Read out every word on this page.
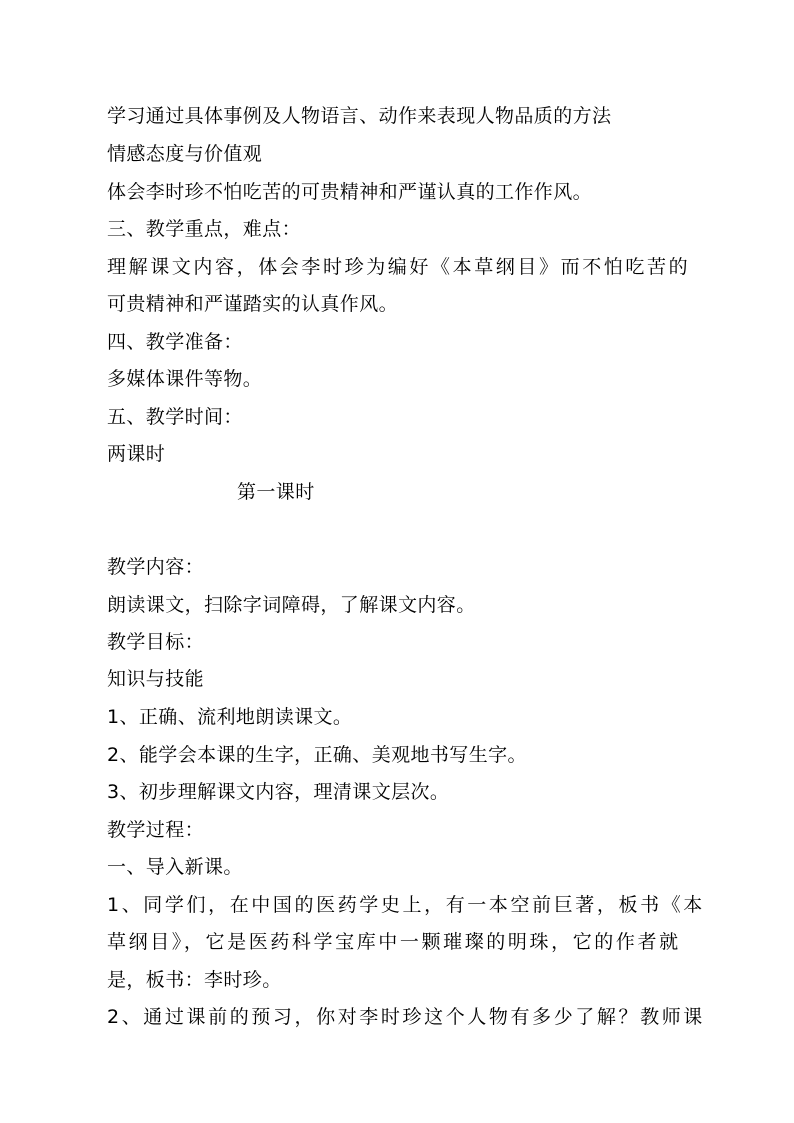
学习通过具体事例及人物语言、动作来表现人物品质的方法
情感态度与价值观
体会李时珍不怕吃苦的可贵精神和严谨认真的工作作风。
三、教学重点，难点：
理解课文内容，体会李时珍为编好《本草纲目》而不怕吃苦的
可贵精神和严谨踏实的认真作风。
四、教学准备：
多媒体课件等物。
五、教学时间：
两课时
第一课时
教学内容：
朗读课文，扫除字词障碍，了解课文内容。
教学目标：
知识与技能
1、正确、流利地朗读课文。
2、能学会本课的生字，正确、美观地书写生字。
3、初步理解课文内容，理清课文层次。
教学过程：
一、导入新课。
1、同学们，在中国的医药学史上，有一本空前巨著，板书《本
草纲目》，它是医药科学宝库中一颗璀璨的明珠，它的作者就
是，板书：李时珍。
2、通过课前的预习，你对李时珍这个人物有多少了解？教师课
